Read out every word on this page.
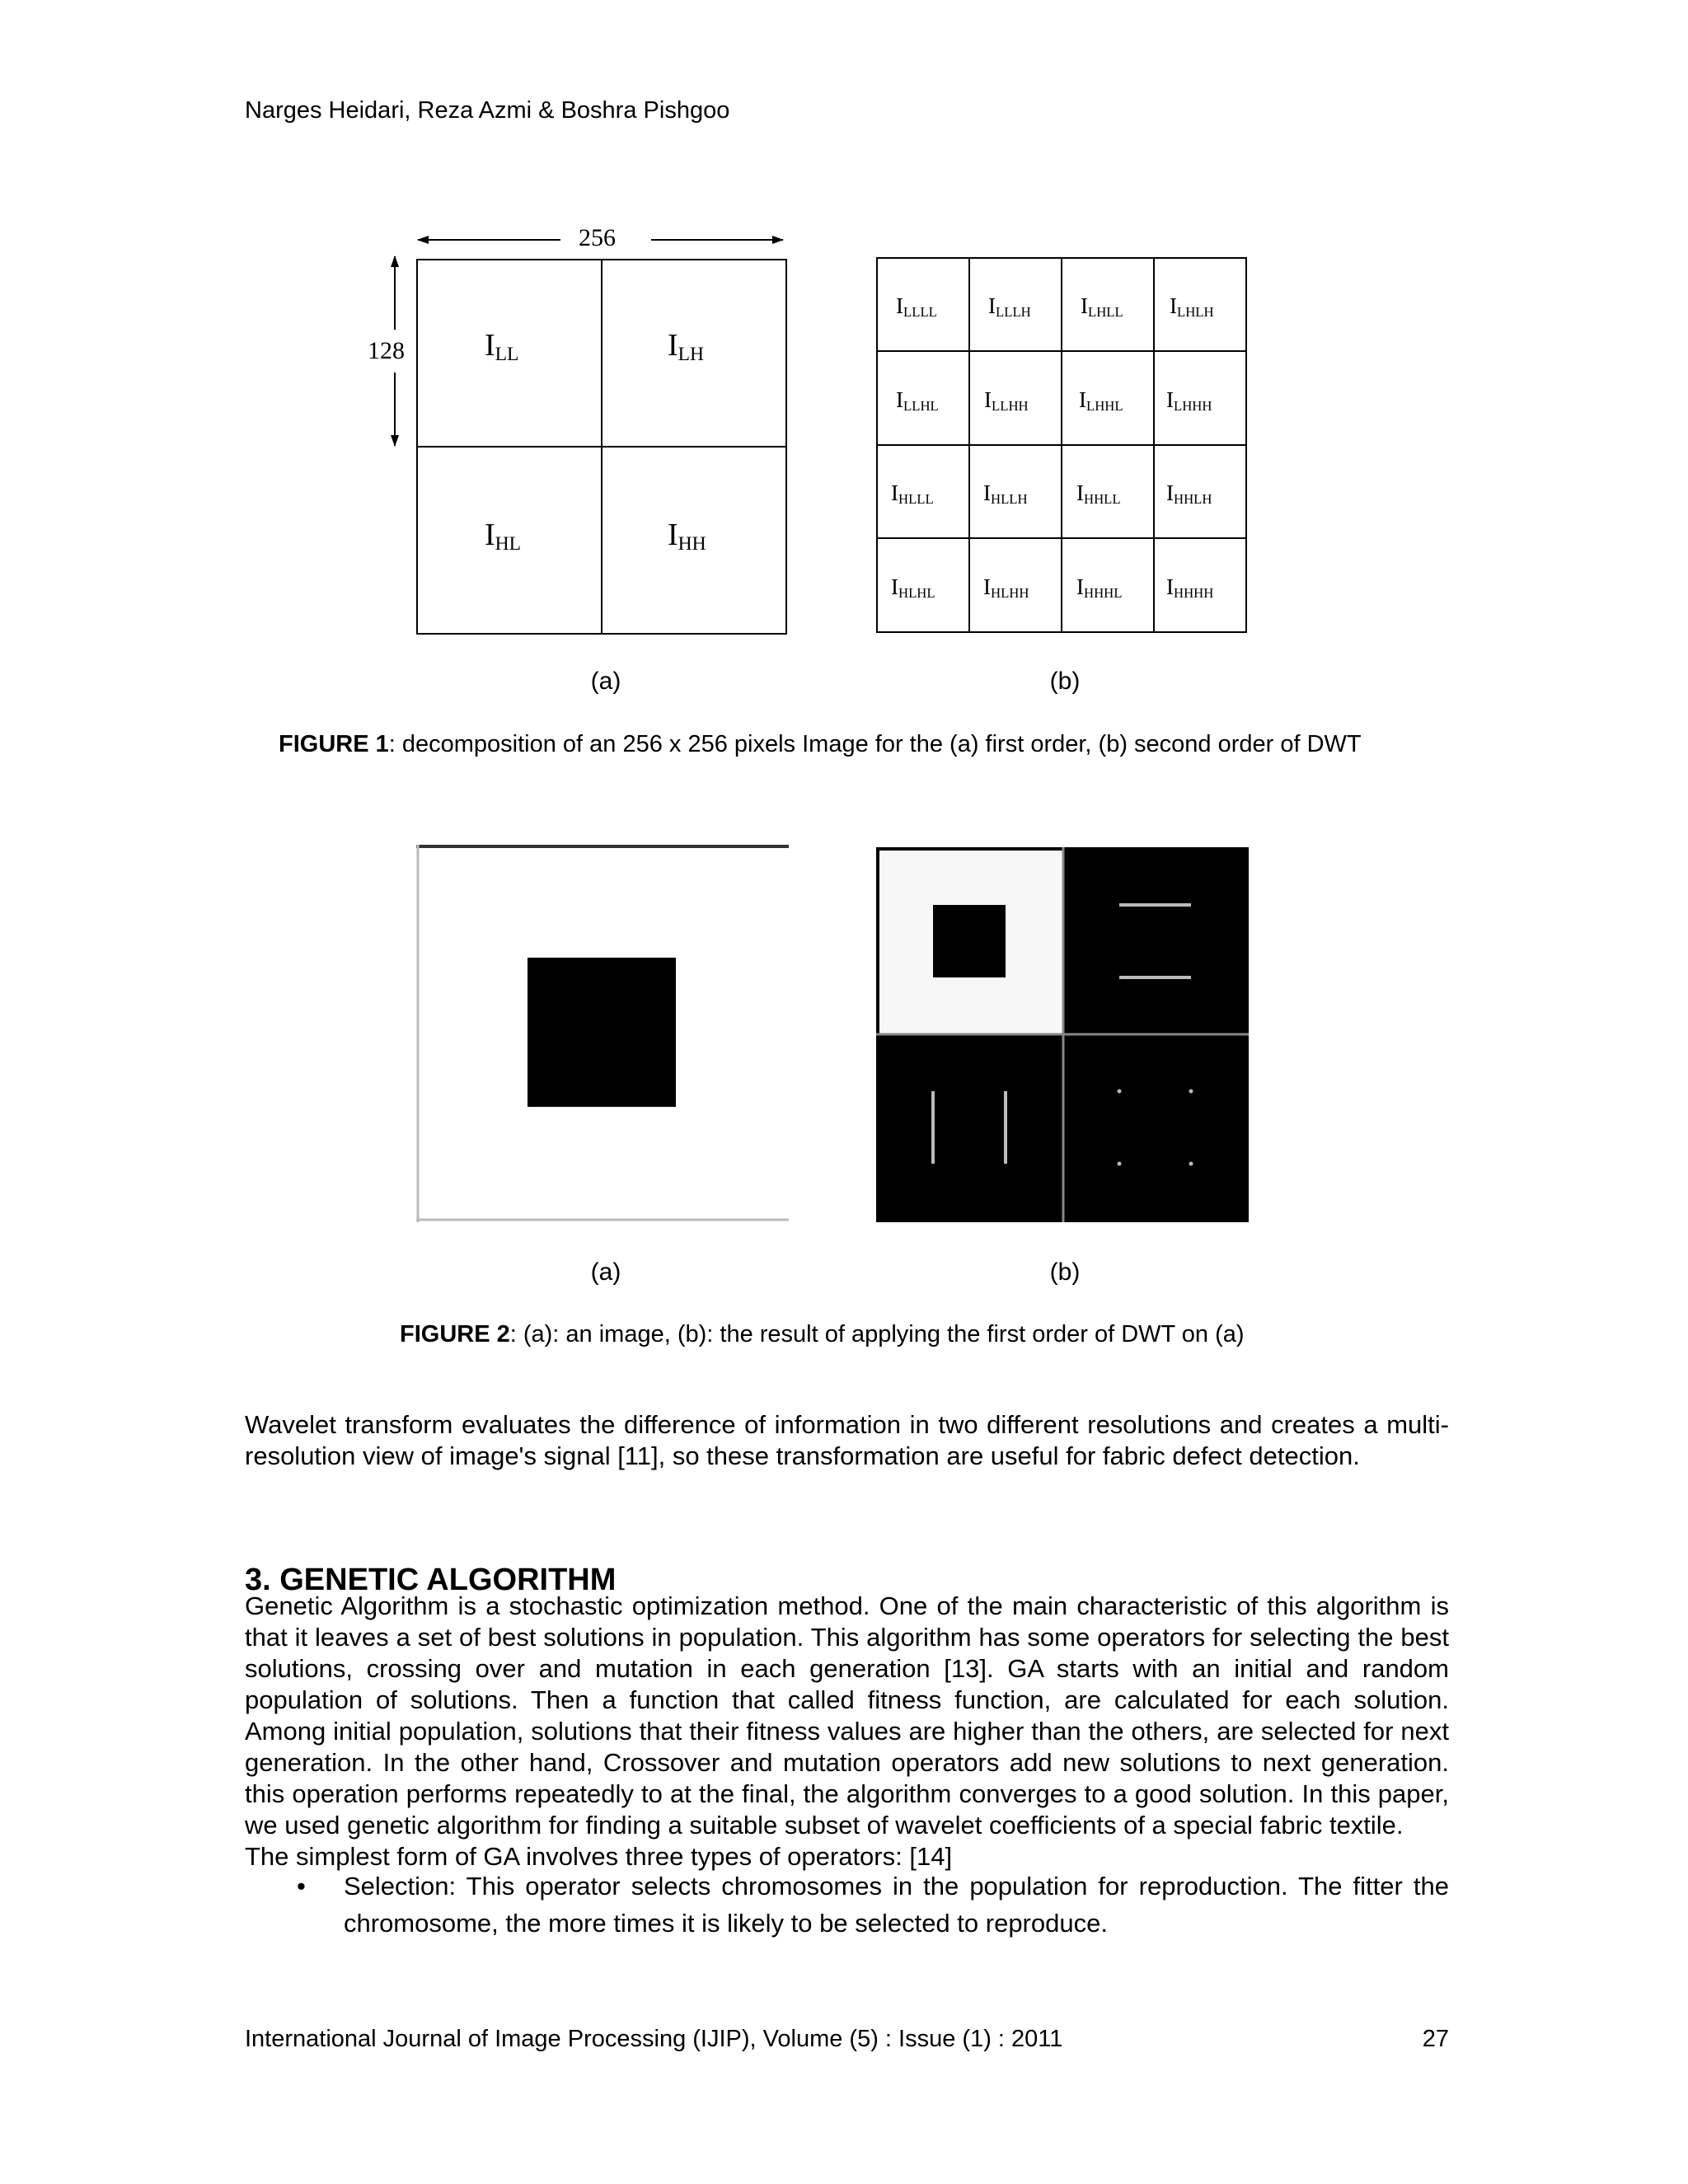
Narges Heidari, Reza Azmi & Boshra Pishgoo
256
128	$I_{LL}$	$I_{LH}$
$I_{HL}$	$I_{HH}$
$I_{LLLL}$ $I_{LLLH}$ $I_{LHLL}$ $I_{LHLH}$
$I_{LLHL}$ $I_{LLHH}$ $I_{LHHL}$ $I_{LHHH}$
$I_{HLLL}$ $I_{HLLH}$ $I_{HHLL}$ $I_{HHLH}$
$I_{HLHL}$ $I_{HLHH}$ $I_{HHHL}$ $I_{HHHH}$
(a)	(b)
FIGURE 1: decomposition of an 256 x 256 pixels Image for the (a) first order, (b) second order of DWT
(a)	(b)
FIGURE 2: (a): an image, (b): the result of applying the first order of DWT on (a)
Wavelet transform evaluates the difference of information in two different resolutions and creates a multi-resolution view of image's signal [11], so these transformation are useful for fabric defect detection.
3. GENETIC ALGORITHM
Genetic Algorithm is a stochastic optimization method. One of the main characteristic of this algorithm is that it leaves a set of best solutions in population. This algorithm has some operators for selecting the best solutions, crossing over and mutation in each generation [13]. GA starts with an initial and random population of solutions. Then a function that called fitness function, are calculated for each solution. Among initial population, solutions that their fitness values are higher than the others, are selected for next generation. In the other hand, Crossover and mutation operators add new solutions to next generation. this operation performs repeatedly to at the final, the algorithm converges to a good solution. In this paper, we used genetic algorithm for finding a suitable subset of wavelet coefficients of a special fabric textile.
The simplest form of GA involves three types of operators: [14]
• Selection: This operator selects chromosomes in the population for reproduction. The fitter the chromosome, the more times it is likely to be selected to reproduce.
International Journal of Image Processing (IJIP), Volume (5) : Issue (1) : 2011	27
